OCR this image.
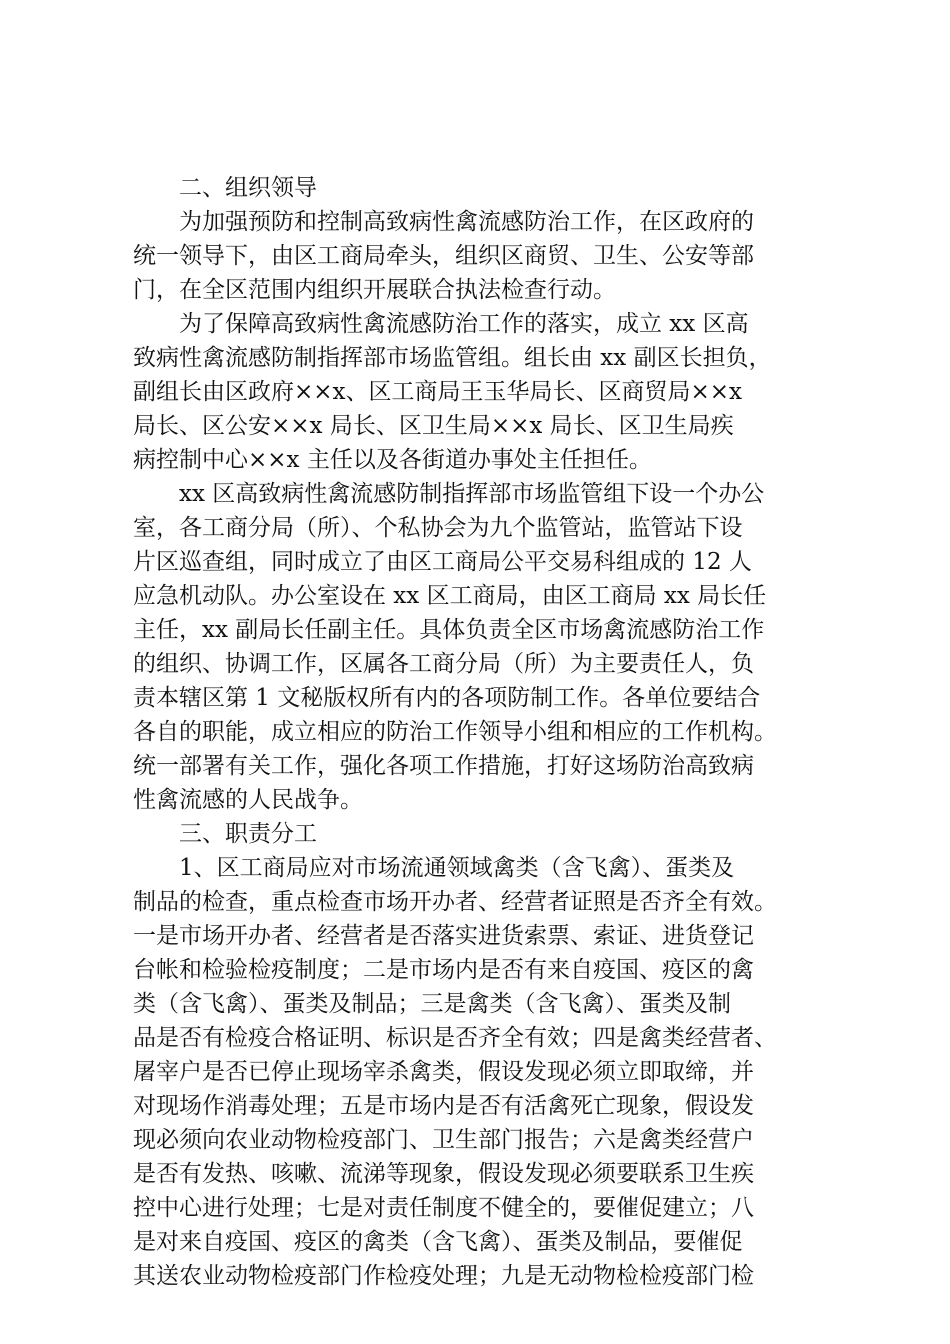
二、组织领导
为加强预防和控制高致病性禽流感防治工作，在区政府的
统一领导下，由区工商局牵头，组织区商贸、卫生、公安等部
门，在全区范围内组织开展联合执法检查行动。
为了保障高致病性禽流感防治工作的落实，成立 xx 区高
致病性禽流感防制指挥部市场监管组。组长由 xx 副区长担负，
副组长由区政府××x、区工商局王玉华局长、区商贸局××x
局长、区公安××x 局长、区卫生局××x 局长、区卫生局疾
病控制中心××x 主任以及各街道办事处主任担任。
xx 区高致病性禽流感防制指挥部市场监管组下设一个办公
室，各工商分局（所）、个私协会为九个监管站，监管站下设
片区巡查组，同时成立了由区工商局公平交易科组成的 12 人
应急机动队。办公室设在 xx 区工商局，由区工商局 xx 局长任
主任，xx 副局长任副主任。具体负责全区市场禽流感防治工作
的组织、协调工作，区属各工商分局（所）为主要责任人，负
责本辖区第 1 文秘版权所有内的各项防制工作。各单位要结合
各自的职能，成立相应的防治工作领导小组和相应的工作机构。
统一部署有关工作，强化各项工作措施，打好这场防治高致病
性禽流感的人民战争。
三、职责分工
1、区工商局应对市场流通领域禽类（含飞禽）、蛋类及
制品的检查，重点检查市场开办者、经营者证照是否齐全有效。
一是市场开办者、经营者是否落实进货索票、索证、进货登记
台帐和检验检疫制度；二是市场内是否有来自疫国、疫区的禽
类（含飞禽）、蛋类及制品；三是禽类（含飞禽）、蛋类及制
品是否有检疫合格证明、标识是否齐全有效；四是禽类经营者、
屠宰户是否已停止现场宰杀禽类，假设发现必须立即取缔，并
对现场作消毒处理；五是市场内是否有活禽死亡现象，假设发
现必须向农业动物检疫部门、卫生部门报告；六是禽类经营户
是否有发热、咳嗽、流涕等现象，假设发现必须要联系卫生疾
控中心进行处理；七是对责任制度不健全的，要催促建立；八
是对来自疫国、疫区的禽类（含飞禽）、蛋类及制品，要催促
其送农业动物检疫部门作检疫处理；九是无动物检检疫部门检
